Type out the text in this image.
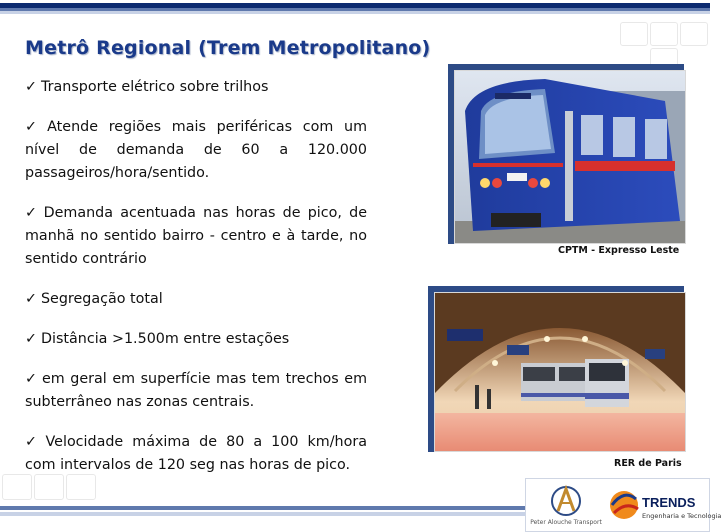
Metrô Regional (Trem Metropolitano)

✓ Transporte elétrico sobre trilhos

✓ Atende regiões mais periféricas com um nível de demanda de 60 a 120.000 passageiros/hora/sentido.

✓ Demanda acentuada nas horas de pico, de manhã no sentido bairro - centro e à tarde, no sentido contrário

✓ Segregação total

✓ Distância >1.500m entre estações

✓ em geral em superfície mas tem trechos em subterrâneo nas zonas centrais.

✓ Velocidade máxima de 80 a 100 km/hora com intervalos de 120 seg nas horas de pico.

CPTM - Expresso Leste
RER de Paris
Peter Alouche Transport
TRENDS
Engenharia e Tecnologia
